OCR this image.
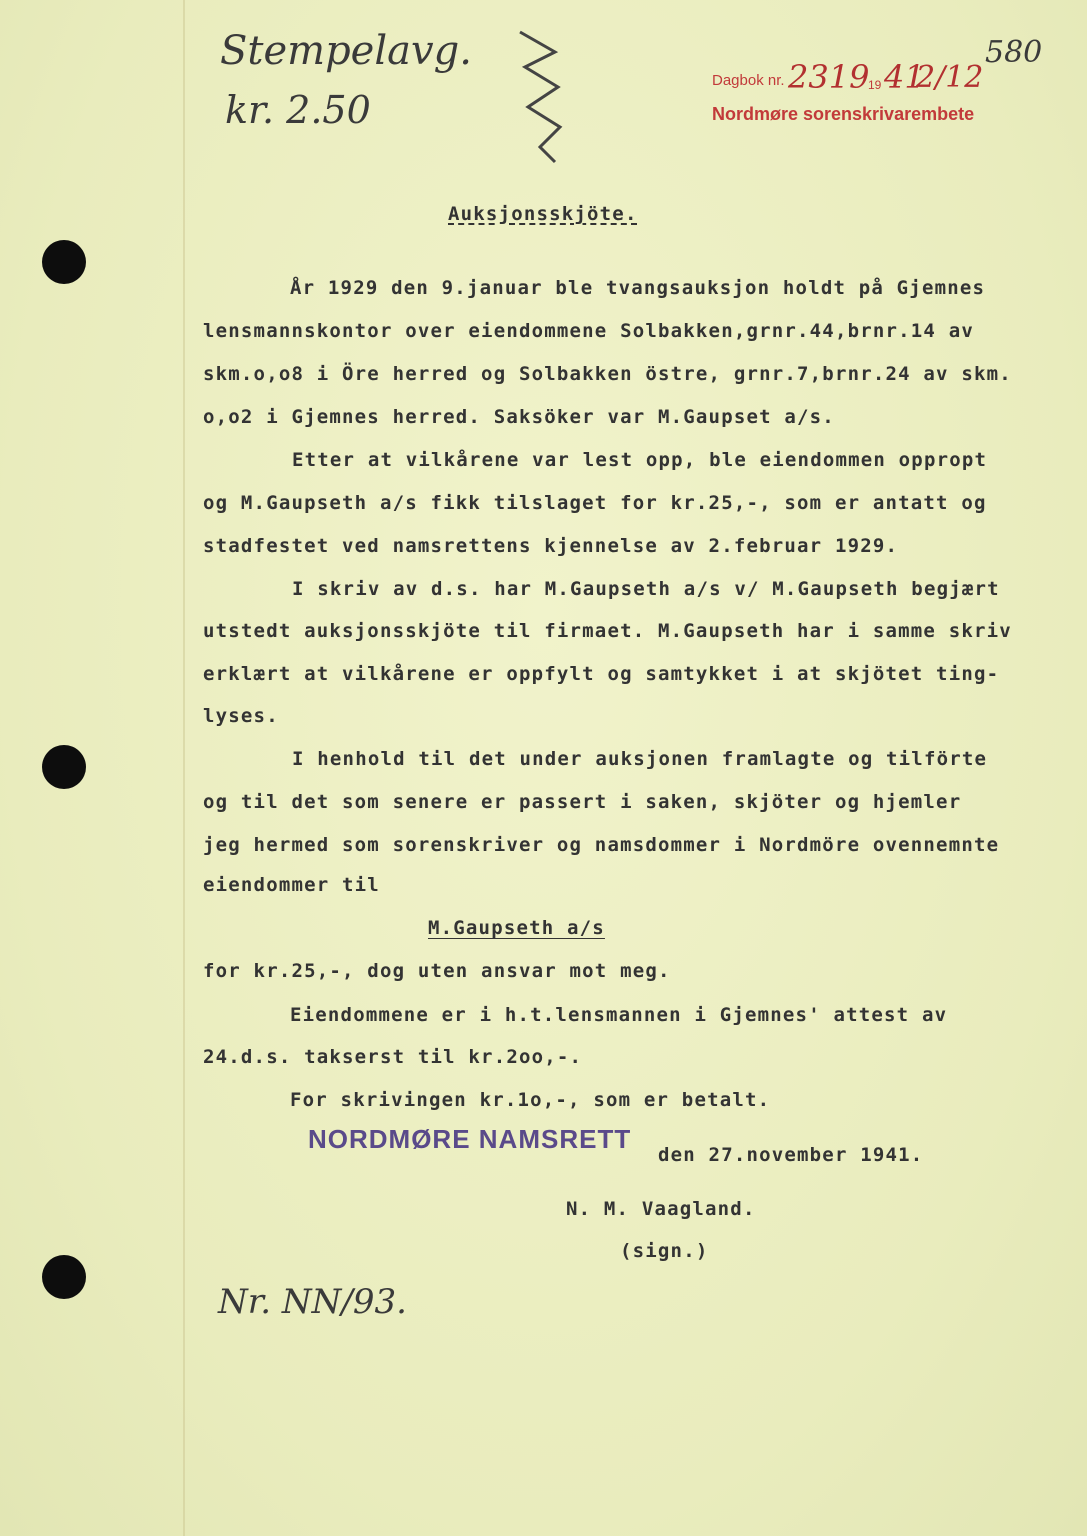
Stempelavg.
kr. 2.50
580
Dagbok nr. 2319
19 41
2/12
Nordmøre sorenskrivarembete
Auksjonsskjöte.
År 1929 den 9.januar ble tvangsauksjon holdt på Gjemnes
lensmannskontor over eiendommene Solbakken,grnr.44,brnr.14 av
skm.o,o8 i Öre herred og Solbakken östre, grnr.7,brnr.24 av skm.
o,o2 i Gjemnes herred. Saksöker var M.Gaupset a/s.
Etter at vilkårene var lest opp, ble eiendommen oppropt
og M.Gaupseth a/s fikk tilslaget for kr.25,-, som er antatt og
stadfestet ved namsrettens kjennelse av 2.februar 1929.
I skriv av d.s. har M.Gaupseth a/s v/ M.Gaupseth begjært
utstedt auksjonsskjöte til firmaet. M.Gaupseth har i samme skriv
erklært at vilkårene er oppfylt og samtykket i at skjötet ting-
lyses.
I henhold til det under auksjonen framlagte og tilförte
og til det som senere er passert i saken, skjöter og hjemler
jeg hermed som sorenskriver og namsdommer i Nordmöre ovennemnte
eiendommer til
M.Gaupseth a/s
for kr.25,-, dog uten ansvar mot meg.
Eiendommene er i h.t.lensmannen i Gjemnes' attest av
24.d.s. takserst til kr.2oo,-.
For skrivingen kr.1o,-, som er betalt.
NORDMØRE NAMSRETT
den 27.november 1941.
N. M. Vaagland.
(sign.)
Nr. NN/93.
